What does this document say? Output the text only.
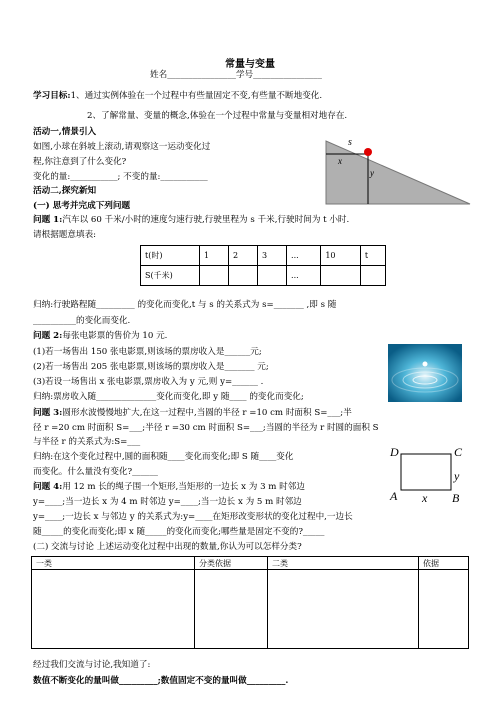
常量与变量
姓名________________学号________________
学习目标:1、通过实例体验在一个过程中有些量固定不变,有些量不断地变化.
2、了解常量、变量的概念,体验在一个过程中常量与变量相对地存在.
活动一,情景引入
如图,小球在斜坡上滚动,请观察这一运动变化过
程,你注意到了什么变化?
变化的量:___________; 不变的量:___________
s
x
y
活动二,探究新知
(一) 思考并完成下列问题
问题 1:汽车以 60 千米/小时的速度匀速行驶,行驶里程为 s 千米,行驶时间为 t 小时.
请根据题意填表:
t(时)	1	2	3	...	10	t
S(千米)				...		
归纳:行驶路程随_________ 的变化而变化,t 与 s 的关系式为 s=_______ ,即 s 随
__________的变化而变化.
问题 2:每张电影票的售价为 10 元.
(1)若一场售出 150 张电影票,则该场的票房收入是______元;
(2)若一场售出 205 张电影票,则该场的票房收入是_______ 元;
(3)若设一场售出 x 张电影票,票房收入为 y 元,则 y=______ .
归纳:票房收入随______________变化而变化,即 y 随____ 的变化而变化;
问题 3:圆形水波慢慢地扩大,在这一过程中,当圆的半径 r =10 cm 时面积 S=___;半
径 r =20 cm 时面积 S=___;半径 r =30 cm 时面积 S=___;当圆的半径为 r 时圆的面积 S
与半径 r 的关系式为:S=___
归纳:在这个变化过程中,圆的面积随____变化而变化;即 S 随____变化
而变化。什么量没有变化?______
D	C
y
A x B
问题 4:用 12 m 长的绳子围一个矩形,当矩形的一边长 x 为 3 m 时邻边
y=____;当一边长 x 为 4 m 时邻边 y=____;当一边长 x 为 5 m 时邻边
y=____;一边长 x 与邻边 y 的关系式为:y=____在矩形改变形状的变化过程中,一边长
随_____的变化而变化;即 x 随_____的变化而变化;哪些量是固定不变的?_____
(二) 交流与讨论 上述运动变化过程中出现的数量,你认为可以怎样分类?
一类	分类依据	二类	依据

经过我们交流与讨论,我知道了:
数值不断变化的量叫做_________;数值固定不变的量叫做_________.
